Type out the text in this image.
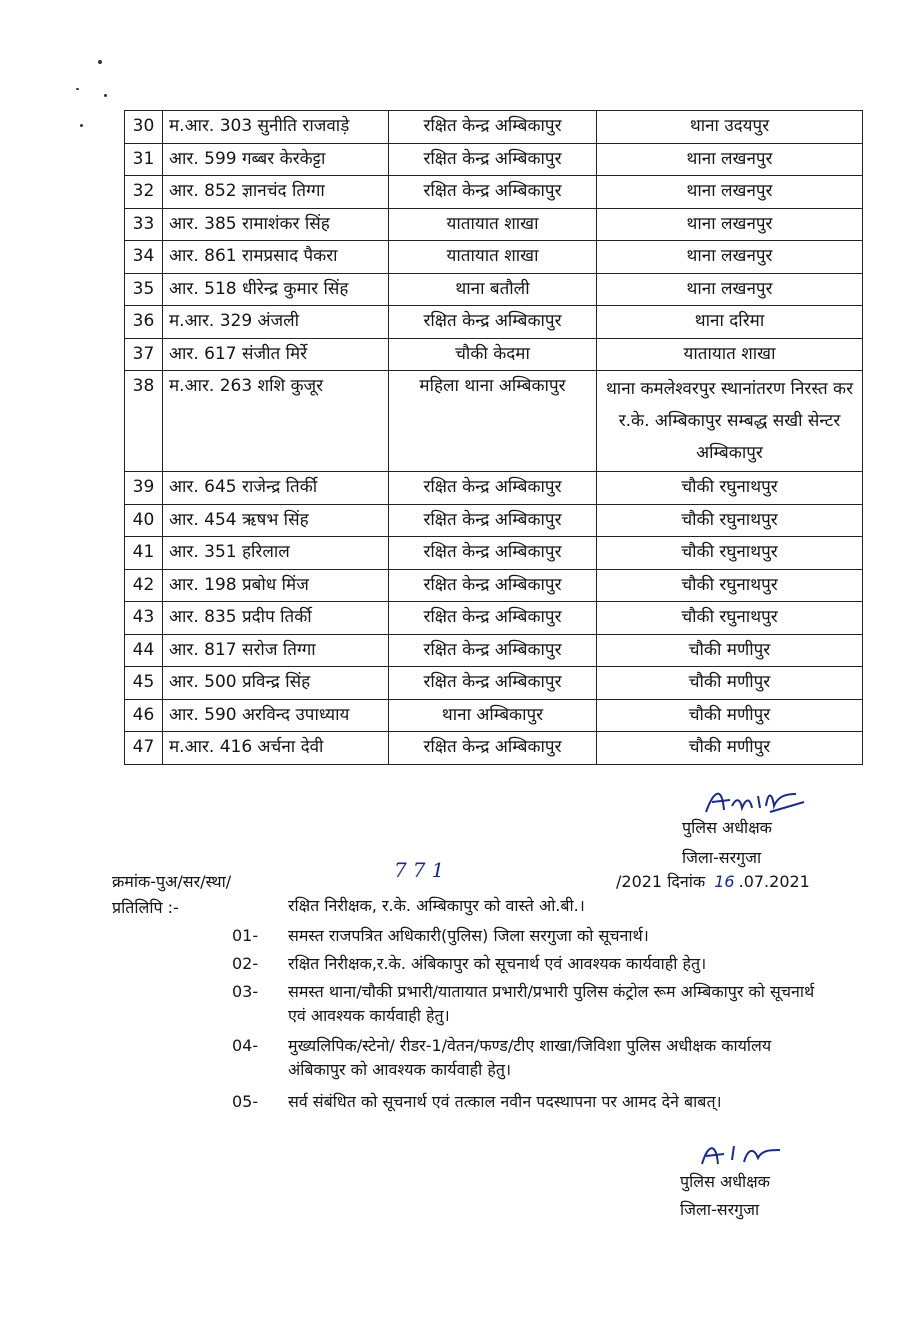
30	म.आर. 303 सुनीति राजवाड़े	रक्षित केन्द्र अम्बिकापुर	थाना उदयपुर
31	आर. 599 गब्बर केरकेट्टा	रक्षित केन्द्र अम्बिकापुर	थाना लखनपुर
32	आर. 852 ज्ञानचंद तिग्गा	रक्षित केन्द्र अम्बिकापुर	थाना लखनपुर
33	आर. 385 रामाशंकर सिंह	यातायात शाखा	थाना लखनपुर
34	आर. 861 रामप्रसाद पैकरा	यातायात शाखा	थाना लखनपुर
35	आर. 518 धीरेन्द्र कुमार सिंह	थाना बतौली	थाना लखनपुर
36	म.आर. 329 अंजली	रक्षित केन्द्र अम्बिकापुर	थाना दरिमा
37	आर. 617 संजीत मिर्रे	चौकी केदमा	यातायात शाखा
38	म.आर. 263 शशि कुजूर	महिला थाना अम्बिकापुर	थाना कमलेश्वरपुर स्थानांतरण निरस्त कर र.के. अम्बिकापुर सम्बद्ध सखी सेन्टर अम्बिकापुर
39	आर. 645 राजेन्द्र तिर्की	रक्षित केन्द्र अम्बिकापुर	चौकी रघुनाथपुर
40	आर. 454 ऋषभ सिंह	रक्षित केन्द्र अम्बिकापुर	चौकी रघुनाथपुर
41	आर. 351 हरिलाल	रक्षित केन्द्र अम्बिकापुर	चौकी रघुनाथपुर
42	आर. 198 प्रबोध मिंज	रक्षित केन्द्र अम्बिकापुर	चौकी रघुनाथपुर
43	आर. 835 प्रदीप तिर्की	रक्षित केन्द्र अम्बिकापुर	चौकी रघुनाथपुर
44	आर. 817 सरोज तिग्गा	रक्षित केन्द्र अम्बिकापुर	चौकी मणीपुर
45	आर. 500 प्रविन्द्र सिंह	रक्षित केन्द्र अम्बिकापुर	चौकी मणीपुर
46	आर. 590 अरविन्द उपाध्याय	थाना अम्बिकापुर	चौकी मणीपुर
47	म.आर. 416 अर्चना देवी	रक्षित केन्द्र अम्बिकापुर	चौकी मणीपुर
पुलिस अधीक्षक
जिला-सरगुजा
क्रमांक-पुअ/सर/स्था/	771	/2021 दिनांक 16 .07.2021
प्रतिलिपि :-	रक्षित निरीक्षक, र.के. अम्बिकापुर को वास्ते ओ.बी.।
01-	समस्त राजपत्रित अधिकारी(पुलिस) जिला सरगुजा को सूचनार्थ।
02-	रक्षित निरीक्षक,र.के. अंबिकापुर को सूचनार्थ एवं आवश्यक कार्यवाही हेतु।
03-	समस्त थाना/चौकी प्रभारी/यातायात प्रभारी/प्रभारी पुलिस कंट्रोल रूम अम्बिकापुर को सूचनार्थ एवं आवश्यक कार्यवाही हेतु।
04-	मुख्यलिपिक/स्टेनो/ रीडर-1/वेतन/फण्ड/टीए शाखा/जिविशा पुलिस अधीक्षक कार्यालय अंबिकापुर को आवश्यक कार्यवाही हेतु।
05-	सर्व संबंधित को सूचनार्थ एवं तत्काल नवीन पदस्थापना पर आमद देने बाबत्।
पुलिस अधीक्षक
जिला-सरगुजा
